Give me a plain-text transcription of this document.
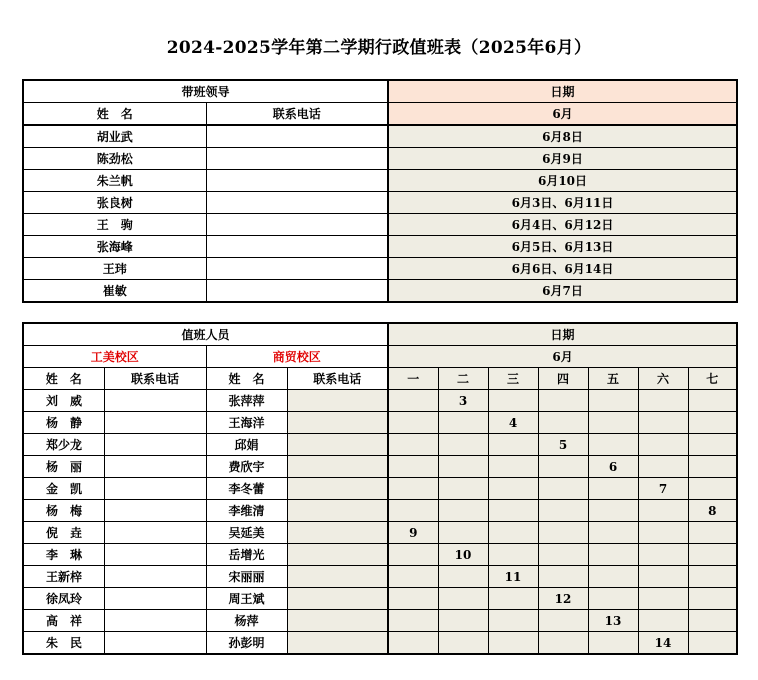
2024-2025学年第二学期行政值班表（2025年6月）
带班领导		日期
姓　名	联系电话	6月
胡业武		6月8日
陈劲松		6月9日
朱兰帆		6月10日
张良树		6月3日、6月11日
王　驹		6月4日、6月12日
张海峰		6月5日、6月13日
王玮		6月6日、6月14日
崔敏		6月7日
值班人员				日期						
工美校区		商贸校区		6月						
姓　名	联系电话	姓　名	联系电话	一	二	三	四	五	六	七
刘　威		张萍萍			3					
杨　静		王海洋				4				
郑少龙		邱娟					5			
杨　丽		费欣宇						6		
金　凯		李冬蕾							7	
杨　梅		李维清								8
倪　垚		吴延美		9						
李　琳		岳增光			10					
王新梓		宋丽丽				11				
徐凤玲		周王斌					12			
高　祥		杨萍						13		
朱　民		孙彭明							14	
